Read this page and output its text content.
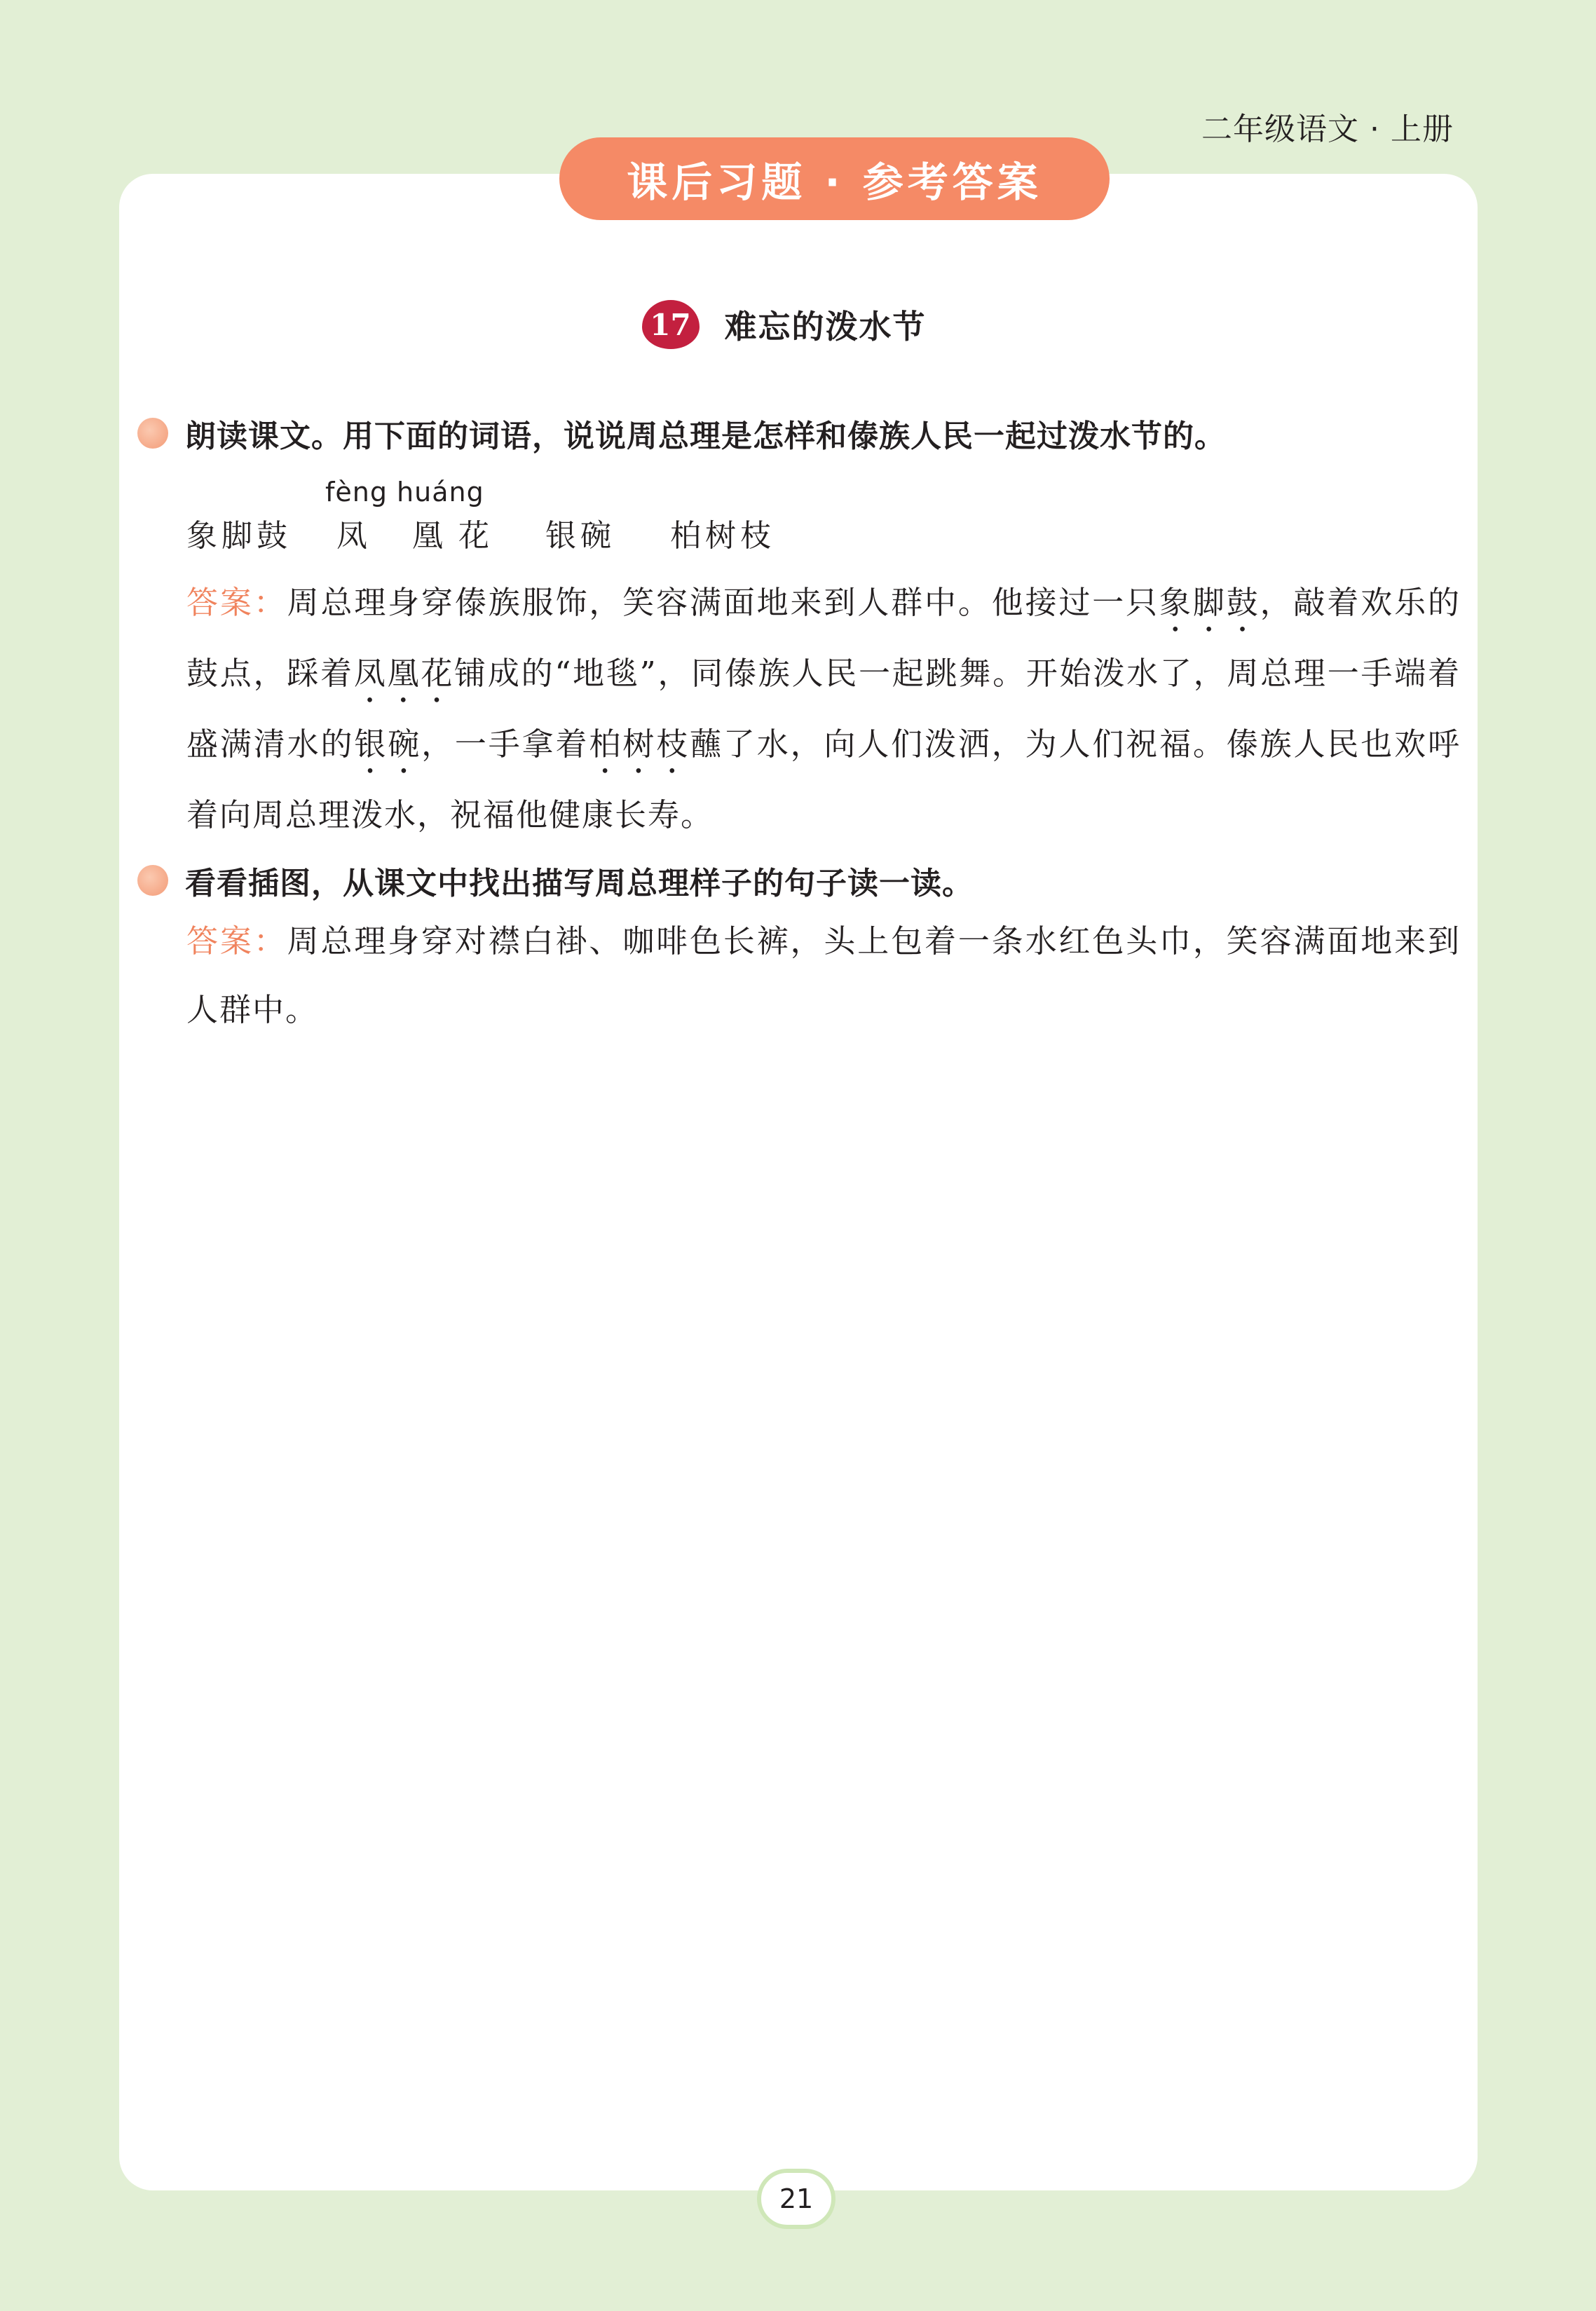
二年级语文 · 上册
课后习题 · 参考答案
17 难忘的泼水节
朗读课文。用下面的词语，说说周总理是怎样和傣族人民一起过泼水节的。
fèng huáng
象脚鼓 凤 凰 花 银碗 柏树枝
答案：周总理身穿傣族服饰，笑容满面地来到人群中。他接过一只象脚鼓，敲着欢乐的鼓点，踩着凤凰花铺成的“地毯”，同傣族人民一起跳舞。开始泼水了，周总理一手端着盛满清水的银碗，一手拿着柏树枝蘸了水，向人们泼洒，为人们祝福。傣族人民也欢呼着向周总理泼水，祝福他健康长寿。
看看插图，从课文中找出描写周总理样子的句子读一读。
答案：周总理身穿对襟白褂、咖啡色长裤，头上包着一条水红色头巾，笑容满面地来到人群中。
21
